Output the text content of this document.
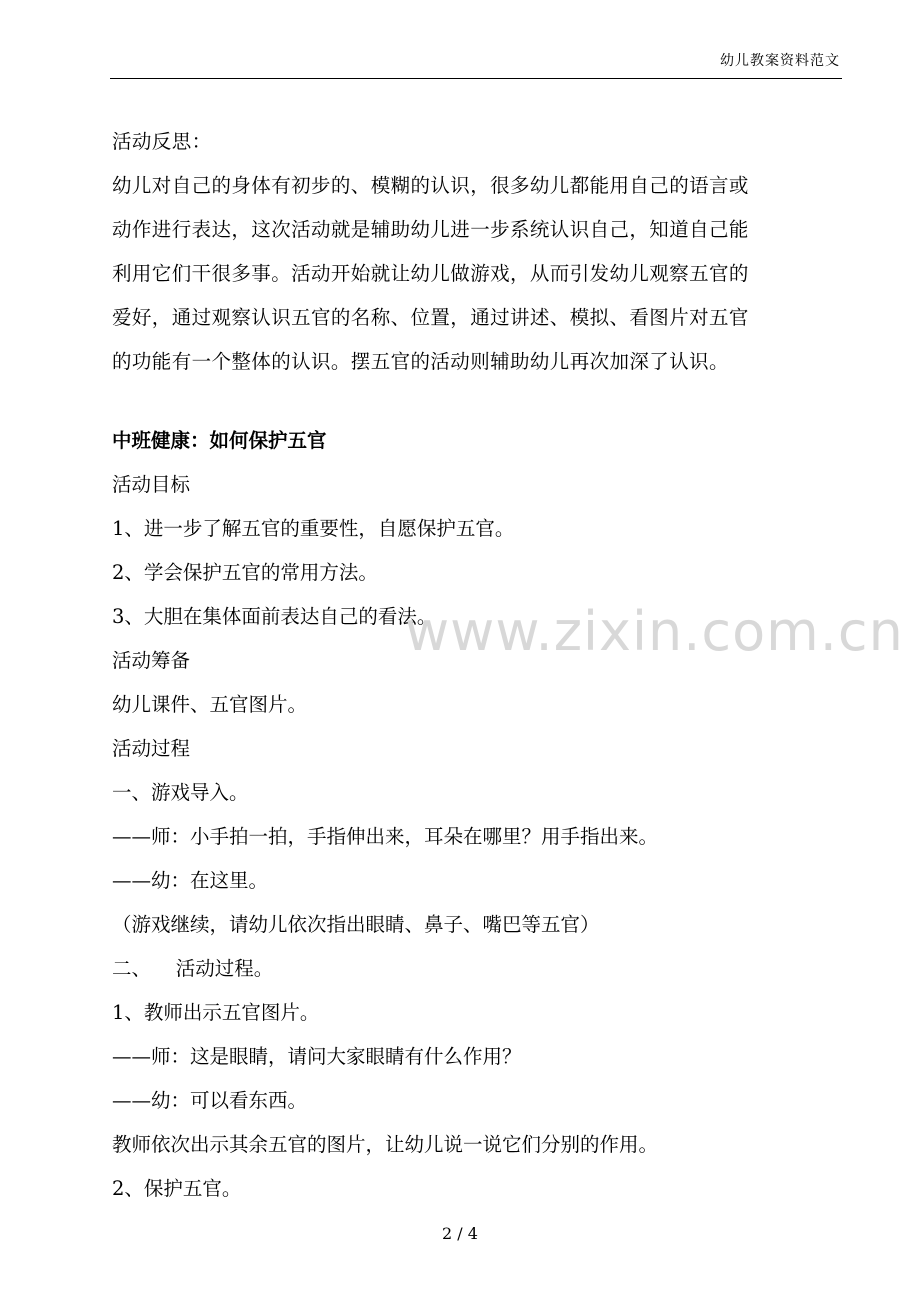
幼儿教案资料范文
活动反思：
幼儿对自己的身体有初步的、模糊的认识，很多幼儿都能用自己的语言或
动作进行表达，这次活动就是辅助幼儿进一步系统认识自己，知道自己能
利用它们干很多事。活动开始就让幼儿做游戏，从而引发幼儿观察五官的
爱好，通过观察认识五官的名称、位置，通过讲述、模拟、看图片对五官
的功能有一个整体的认识。摆五官的活动则辅助幼儿再次加深了认识。
中班健康：如何保护五官
活动目标
1、进一步了解五官的重要性，自愿保护五官。
2、学会保护五官的常用方法。
3、大胆在集体面前表达自己的看法。
活动筹备
幼儿课件、五官图片。
活动过程
一、游戏导入。
——师：小手拍一拍，手指伸出来，耳朵在哪里？用手指出来。
——幼：在这里。
（游戏继续，请幼儿依次指出眼睛、鼻子、嘴巴等五官）
二、    活动过程。
1、教师出示五官图片。
——师：这是眼睛，请问大家眼睛有什么作用？
——幼：可以看东西。
教师依次出示其余五官的图片，让幼儿说一说它们分别的作用。
2、保护五官。
www.zixin.com.cn
2 / 4
